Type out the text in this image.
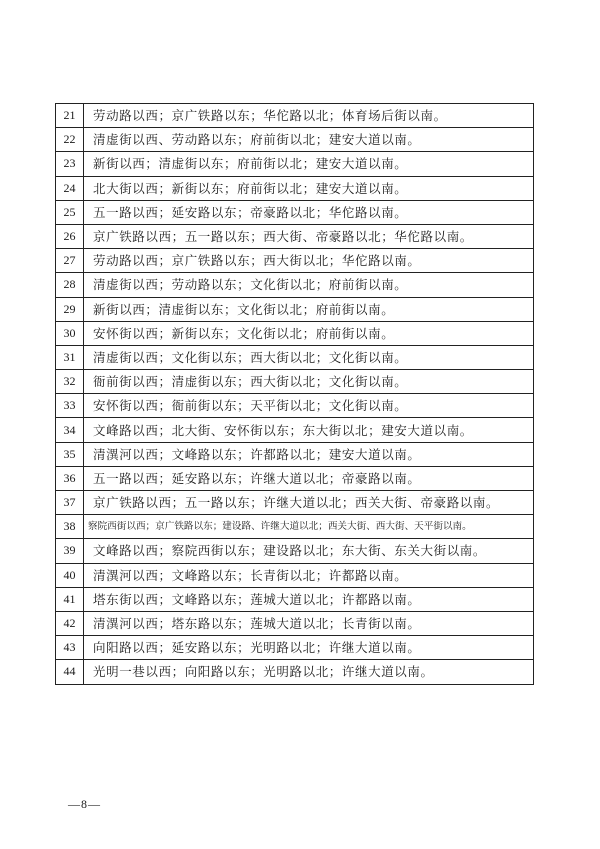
21	劳动路以西；京广铁路以东；华佗路以北；体育场后街以南。
22	清虚街以西、劳动路以东；府前街以北；建安大道以南。
23	新街以西；清虚街以东；府前街以北；建安大道以南。
24	北大街以西；新街以东；府前街以北；建安大道以南。
25	五一路以西；延安路以东；帝豪路以北；华佗路以南。
26	京广铁路以西；五一路以东；西大街、帝豪路以北；华佗路以南。
27	劳动路以西；京广铁路以东；西大街以北；华佗路以南。
28	清虚街以西；劳动路以东；文化街以北；府前街以南。
29	新街以西；清虚街以东；文化街以北；府前街以南。
30	安怀街以西；新街以东；文化街以北；府前街以南。
31	清虚街以西；文化街以东；西大街以北；文化街以南。
32	衙前街以西；清虚街以东；西大街以北；文化街以南。
33	安怀街以西；衙前街以东；天平街以北；文化街以南。
34	文峰路以西；北大街、安怀街以东；东大街以北；建安大道以南。
35	清潩河以西；文峰路以东；许都路以北；建安大道以南。
36	五一路以西；延安路以东；许继大道以北；帝豪路以南。
37	京广铁路以西；五一路以东；许继大道以北；西关大街、帝豪路以南。
38	察院西街以西；京广铁路以东；建设路、许继大道以北；西关大街、西大街、天平街以南。
39	文峰路以西；察院西街以东；建设路以北；东大街、东关大街以南。
40	清潩河以西；文峰路以东；长青街以北；许都路以南。
41	塔东街以西；文峰路以东；莲城大道以北；许都路以南。
42	清潩河以西；塔东路以东；莲城大道以北；长青街以南。
43	向阳路以西；延安路以东；光明路以北；许继大道以南。
44	光明一巷以西；向阳路以东；光明路以北；许继大道以南。
—8—
